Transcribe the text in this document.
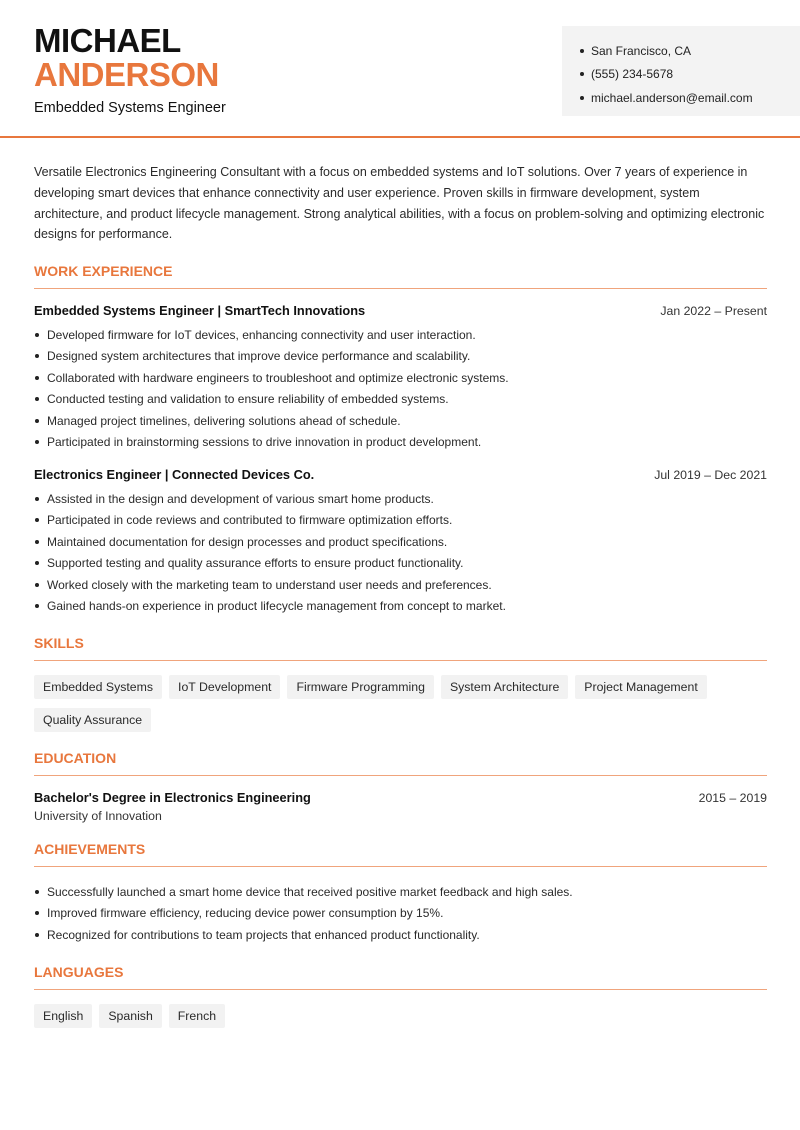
MICHAEL
ANDERSON
Embedded Systems Engineer
San Francisco, CA
(555) 234-5678
michael.anderson@email.com

Versatile Electronics Engineering Consultant with a focus on embedded systems and IoT solutions. Over 7 years of experience in developing smart devices that enhance connectivity and user experience. Proven skills in firmware development, system architecture, and product lifecycle management. Strong analytical abilities, with a focus on problem-solving and optimizing electronic designs for performance.

WORK EXPERIENCE
Embedded Systems Engineer | SmartTech Innovations	Jan 2022 – Present
Developed firmware for IoT devices, enhancing connectivity and user interaction.
Designed system architectures that improve device performance and scalability.
Collaborated with hardware engineers to troubleshoot and optimize electronic systems.
Conducted testing and validation to ensure reliability of embedded systems.
Managed project timelines, delivering solutions ahead of schedule.
Participated in brainstorming sessions to drive innovation in product development.
Electronics Engineer | Connected Devices Co.	Jul 2019 – Dec 2021
Assisted in the design and development of various smart home products.
Participated in code reviews and contributed to firmware optimization efforts.
Maintained documentation for design processes and product specifications.
Supported testing and quality assurance efforts to ensure product functionality.
Worked closely with the marketing team to understand user needs and preferences.
Gained hands-on experience in product lifecycle management from concept to market.
SKILLS
Embedded Systems	IoT Development	Firmware Programming	System Architecture	Project Management
Quality Assurance
EDUCATION
Bachelor's Degree in Electronics Engineering	2015 – 2019
University of Innovation
ACHIEVEMENTS
Successfully launched a smart home device that received positive market feedback and high sales.
Improved firmware efficiency, reducing device power consumption by 15%.
Recognized for contributions to team projects that enhanced product functionality.
LANGUAGES
English	Spanish	French
